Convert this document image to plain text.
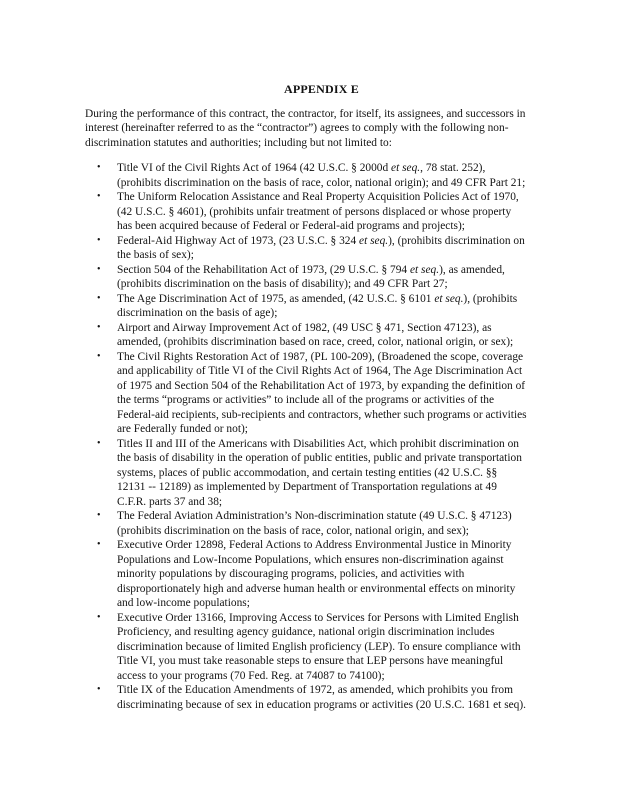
APPENDIX E

During the performance of this contract, the contractor, for itself, its assignees, and successors in
interest (hereinafter referred to as the “contractor”) agrees to comply with the following non-
discrimination statutes and authorities; including but not limited to:

•	Title VI of the Civil Rights Act of 1964 (42 U.S.C. § 2000d et seq., 78 stat. 252),
(prohibits discrimination on the basis of race, color, national origin); and 49 CFR Part 21;
•	The Uniform Relocation Assistance and Real Property Acquisition Policies Act of 1970,
(42 U.S.C. § 4601), (prohibits unfair treatment of persons displaced or whose property
has been acquired because of Federal or Federal-aid programs and projects);
•	Federal-Aid Highway Act of 1973, (23 U.S.C. § 324 et seq.), (prohibits discrimination on
the basis of sex);
•	Section 504 of the Rehabilitation Act of 1973, (29 U.S.C. § 794 et seq.), as amended,
(prohibits discrimination on the basis of disability); and 49 CFR Part 27;
•	The Age Discrimination Act of 1975, as amended, (42 U.S.C. § 6101 et seq.), (prohibits
discrimination on the basis of age);
•	Airport and Airway Improvement Act of 1982, (49 USC § 471, Section 47123), as
amended, (prohibits discrimination based on race, creed, color, national origin, or sex);
•	The Civil Rights Restoration Act of 1987, (PL 100-209), (Broadened the scope, coverage
and applicability of Title VI of the Civil Rights Act of 1964, The Age Discrimination Act
of 1975 and Section 504 of the Rehabilitation Act of 1973, by expanding the definition of
the terms “programs or activities” to include all of the programs or activities of the
Federal-aid recipients, sub-recipients and contractors, whether such programs or activities
are Federally funded or not);
•	Titles II and III of the Americans with Disabilities Act, which prohibit discrimination on
the basis of disability in the operation of public entities, public and private transportation
systems, places of public accommodation, and certain testing entities (42 U.S.C. §§
12131 -- 12189) as implemented by Department of Transportation regulations at 49
C.F.R. parts 37 and 38;
•	The Federal Aviation Administration’s Non-discrimination statute (49 U.S.C. § 47123)
(prohibits discrimination on the basis of race, color, national origin, and sex);
•	Executive Order 12898, Federal Actions to Address Environmental Justice in Minority
Populations and Low-Income Populations, which ensures non-discrimination against
minority populations by discouraging programs, policies, and activities with
disproportionately high and adverse human health or environmental effects on minority
and low-income populations;
•	Executive Order 13166, Improving Access to Services for Persons with Limited English
Proficiency, and resulting agency guidance, national origin discrimination includes
discrimination because of limited English proficiency (LEP). To ensure compliance with
Title VI, you must take reasonable steps to ensure that LEP persons have meaningful
access to your programs (70 Fed. Reg. at 74087 to 74100);
•	Title IX of the Education Amendments of 1972, as amended, which prohibits you from
discriminating because of sex in education programs or activities (20 U.S.C. 1681 et seq).
